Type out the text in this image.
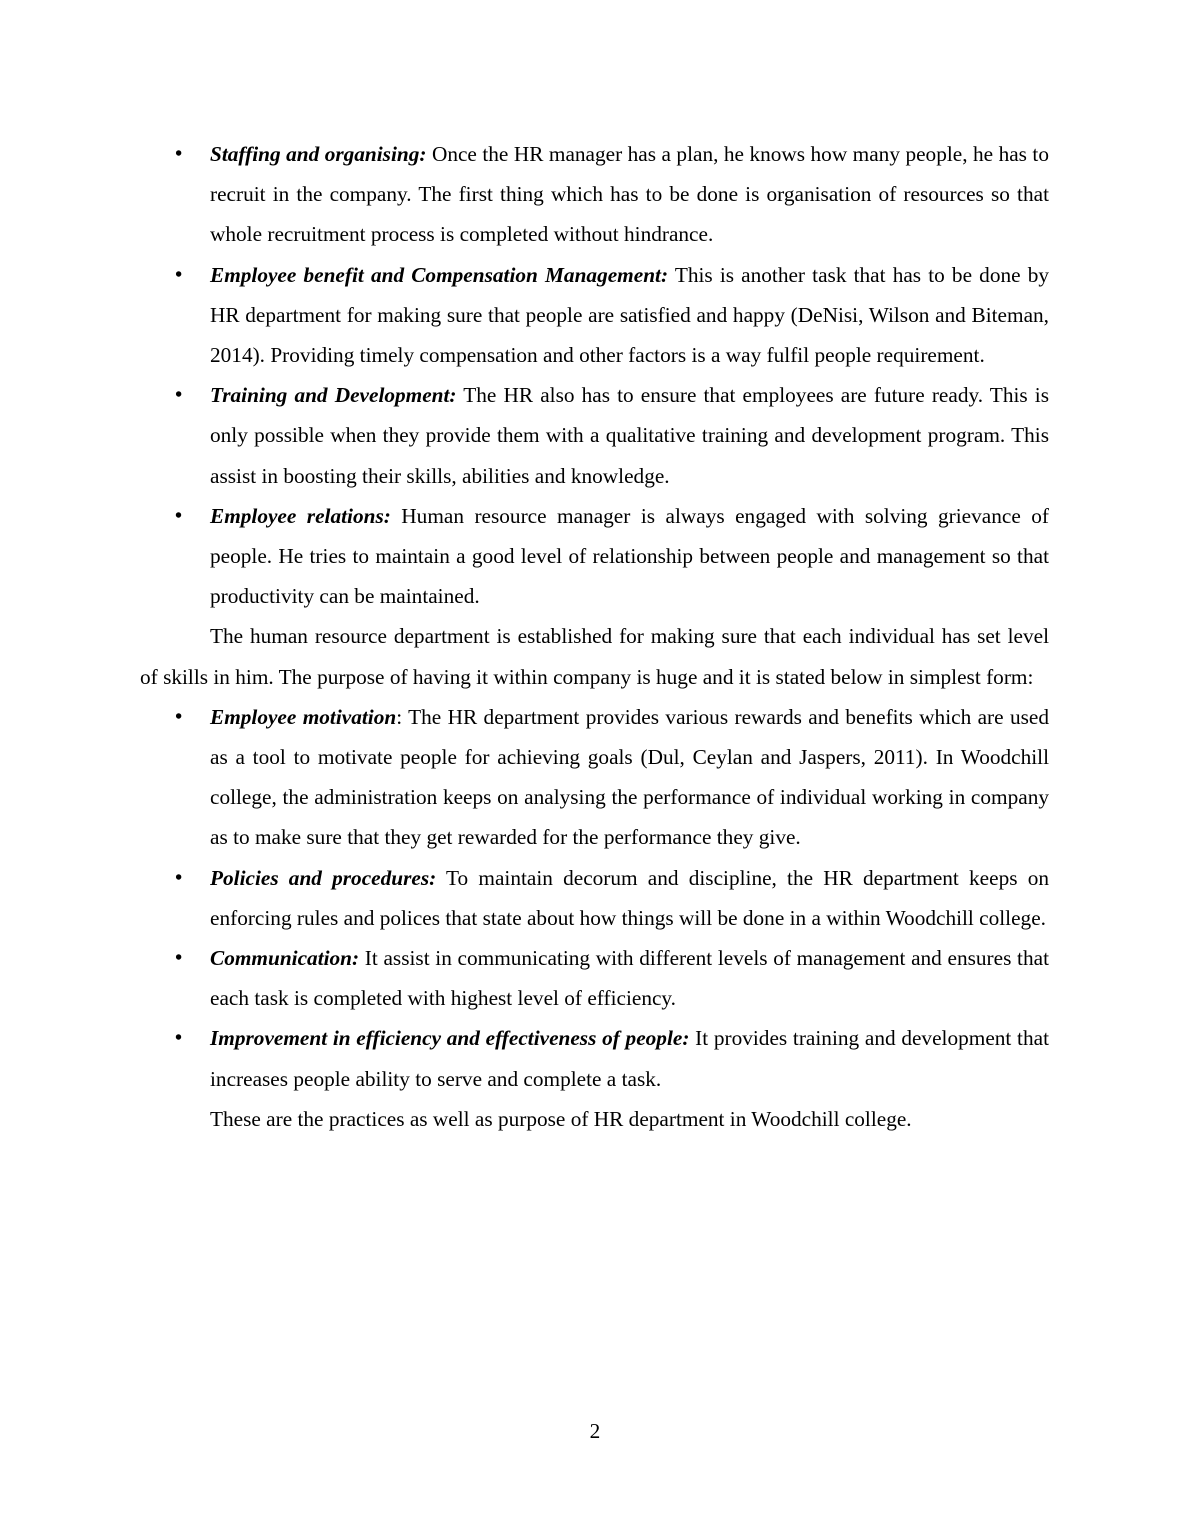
•	Staffing and organising: Once the HR manager has a plan, he knows how many people, he has to recruit in the company. The first thing which has to be done is organisation of resources so that whole recruitment process is completed without hindrance.
•	Employee benefit and Compensation Management: This is another task that has to be done by HR department for making sure that people are satisfied and happy (DeNisi, Wilson and Biteman, 2014). Providing timely compensation and other factors is a way fulfil people requirement.
•	Training and Development: The HR also has to ensure that employees are future ready. This is only possible when they provide them with a qualitative training and development program. This assist in boosting their skills, abilities and knowledge.
•	Employee relations: Human resource manager is always engaged with solving grievance of people. He tries to maintain a good level of relationship between people and management so that productivity can be maintained.

The human resource department is established for making sure that each individual has set level of skills in him. The purpose of having it within company is huge and it is stated below in simplest form:

•	Employee motivation: The HR department provides various rewards and benefits which are used as a tool to motivate people for achieving goals (Dul, Ceylan and Jaspers, 2011). In Woodchill college, the administration keeps on analysing the performance of individual working in company as to make sure that they get rewarded for the performance they give.
•	Policies and procedures: To maintain decorum and discipline, the HR department keeps on enforcing rules and polices that state about how things will be done in a within Woodchill college.
•	Communication: It assist in communicating with different levels of management and ensures that each task is completed with highest level of efficiency.
•	Improvement in efficiency and effectiveness of people: It provides training and development that increases people ability to serve and complete a task.

These are the practices as well as purpose of HR department in Woodchill college.

2
